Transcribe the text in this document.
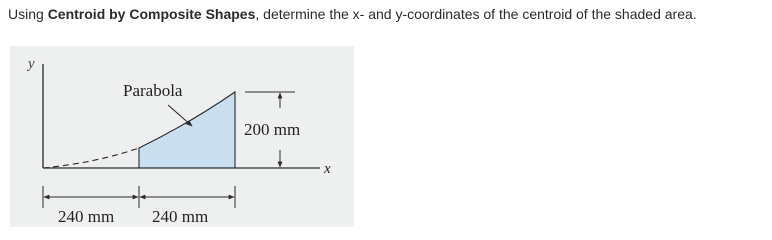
Using Centroid by Composite Shapes, determine the x- and y-coordinates of the centroid of the shaded area.
y
x
Parabola
200 mm
240 mm 240 mm
